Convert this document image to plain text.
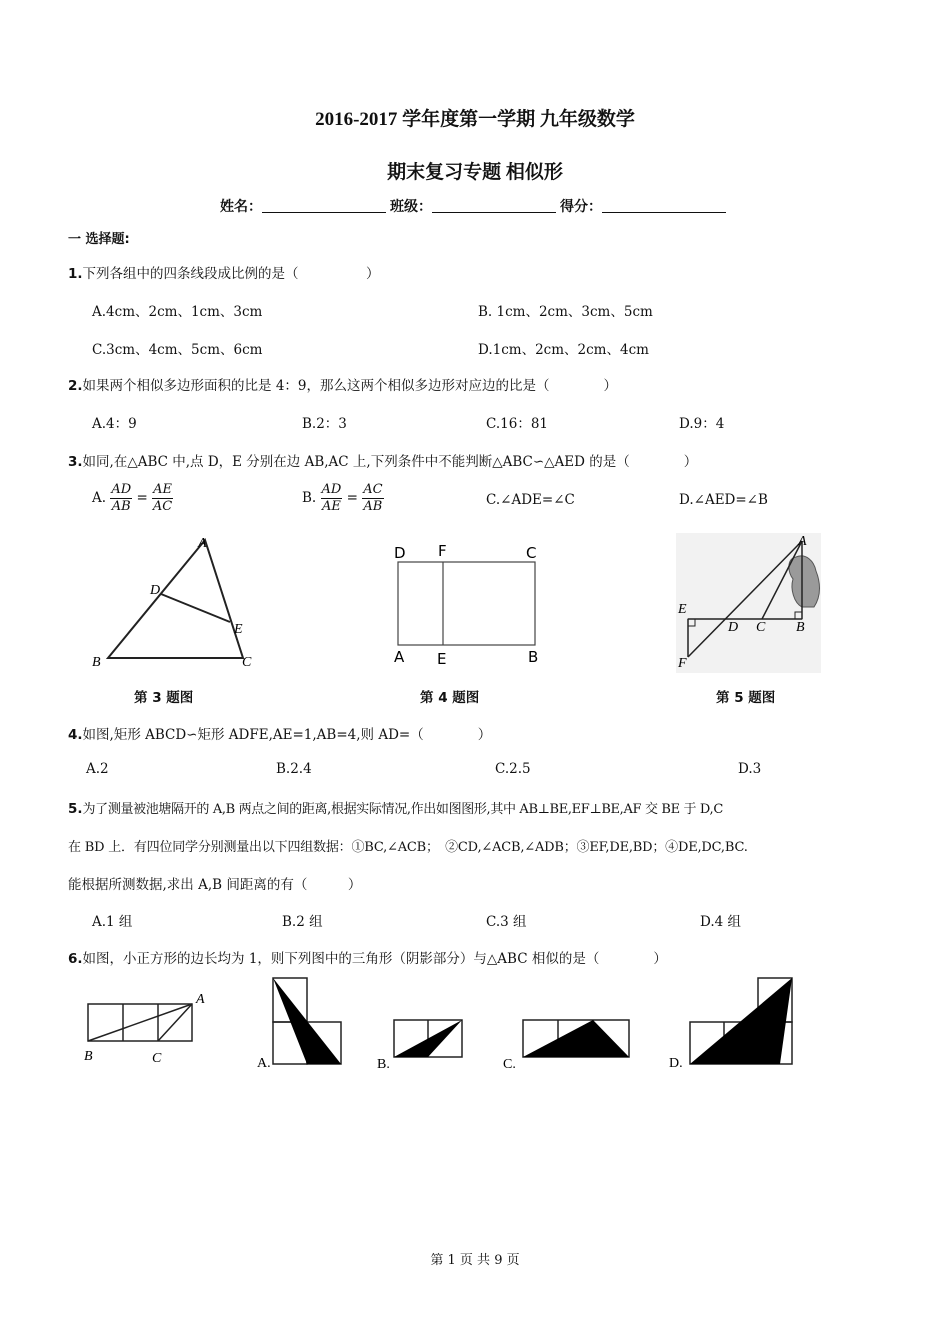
2016-2017 学年度第一学期 九年级数学
期末复习专题 相似形
姓名：	班级：	得分：
一 选择题:
1.下列各组中的四条线段成比例的是（　　　　　）
A.4cm、2cm、1cm、3cm	B. 1cm、2cm、3cm、5cm
C.3cm、4cm、5cm、6cm	D.1cm、2cm、2cm、4cm
2.如果两个相似多边形面积的比是 4：9，那么这两个相似多边形对应边的比是（　　　　）
A.4：9	B.2：3	C.16：81	D.9：4
3.如同,在△ABC 中,点 D，E 分别在边 AB,AC 上,下列条件中不能判断△ABC∽△AED 的是（　　　　）
A. $\frac{AD}{AB} = \frac{AE}{AC}$	B. $\frac{AD}{AE} = \frac{AC}{AB}$	C.∠ADE=∠C	D.∠AED=∠B
A
B	C
D
E
第 3 题图
D F	C
A E	B
第 4 题图
A
E
D C B
F
第 5 题图
4.如图,矩形 ABCD∽矩形 ADFE,AE=1,AB=4,则 AD=（　　　　）
A.2	B.2.4	C.2.5	D.3
5.为了测量被池塘隔开的 A,B 两点之间的距离,根据实际情况,作出如图图形,其中 AB⊥BE,EF⊥BE,AF 交 BE 于 D,C
在 BD 上．有四位同学分别测量出以下四组数据：①BC,∠ACB；　②CD,∠ACB,∠ADB；③EF,DE,BD；④DE,DC,BC.
能根据所测数据,求出 A,B 间距离的有（　　　）
A.1 组	B.2 组	C.3 组	D.4 组
6.如图，小正方形的边长均为 1，则下列图中的三角形（阴影部分）与△ABC 相似的是（　　　　）
A
B	C	A.	B.	C.	D.
第 1 页 共 9 页
